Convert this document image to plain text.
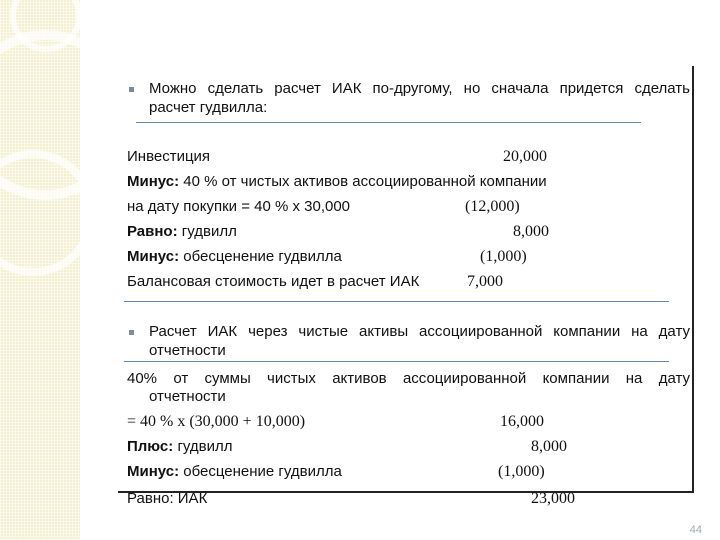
Можно сделать расчет ИАК по-другому, но сначала придется сделать
расчет гудвилла:
Инвестиция	20,000
Минус: 40 % от чистых активов ассоциированной компании
на дату покупки = 40 % х 30,000	(12,000)
Равно: гудвилл	8,000
Минус: обесценение гудвилла	(1,000)
Балансовая стоимость идет в расчет ИАК	7,000
Расчет ИАК через чистые активы ассоциированной компании на дату
отчетности
40% от суммы чистых активов ассоциированной компании на дату
отчетности
= 40 % х (30,000 + 10,000)	16,000
Плюс: гудвилл	8,000
Минус: обесценение гудвилла	(1,000)
Равно: ИАК	23,000
44
